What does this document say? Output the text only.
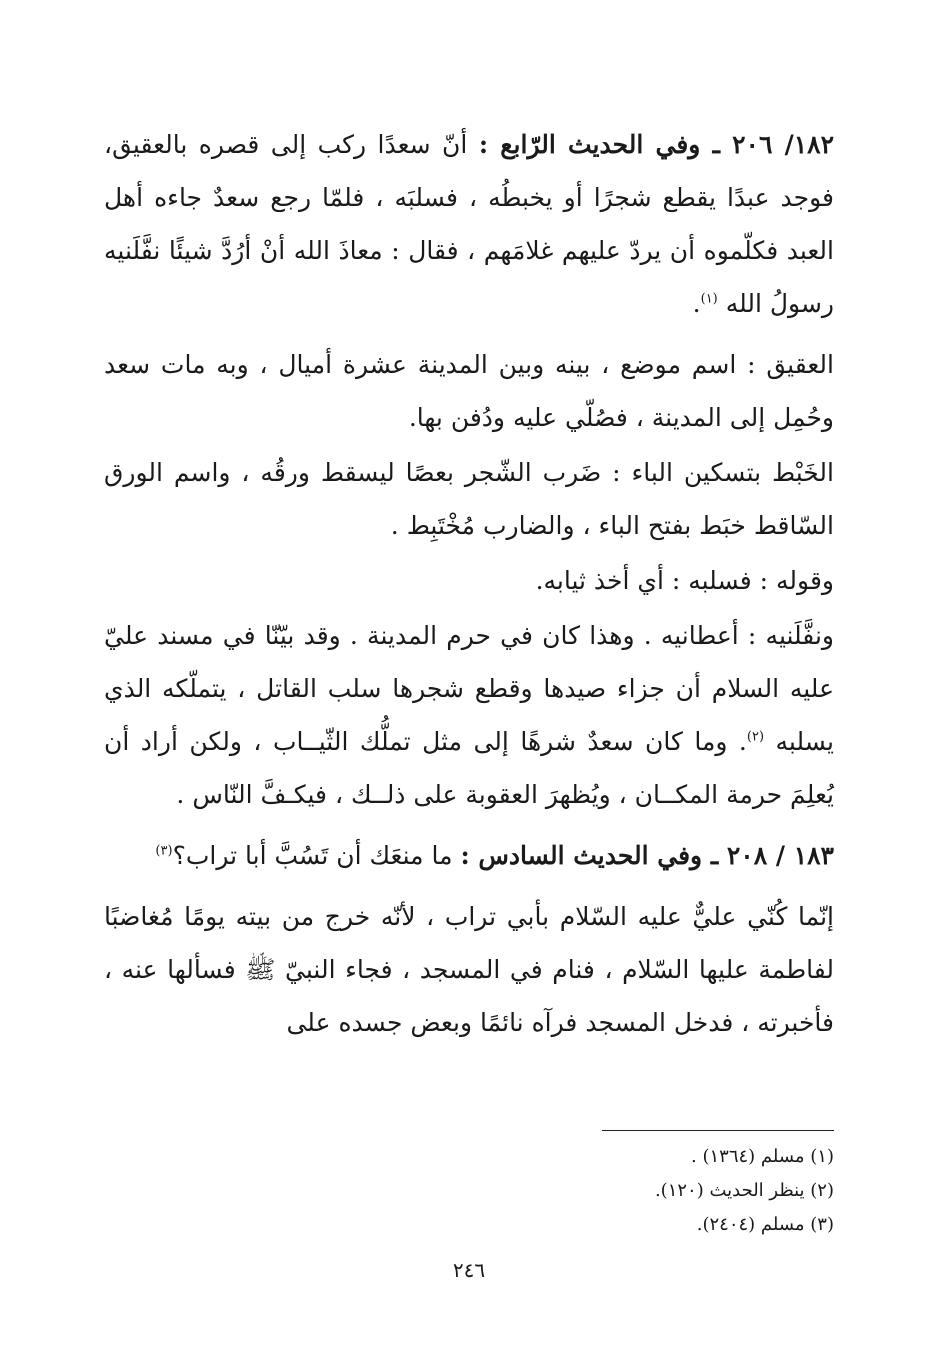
١٨٢/ ٢٠٦ ـ وفي الحديث الرّابع : أنّ سعدًا ركب إلى قصره بالعقيق، فوجد عبدًا يقطع شجرًا أو يخبطُه ، فسلبَه ، فلمّا رجع سعدٌ جاءه أهل العبد فكلّموه أن يردّ عليهم غلامَهم ، فقال : معاذَ الله أنْ أرُدَّ شيئًا نفَّلَنيه رسولُ الله $^{(١)}$.

العقيق : اسم موضع ، بينه وبين المدينة عشرة أميال ، وبه مات سعد وحُمِل إلى المدينة ، فصُلّي عليه ودُفن بها.

الخَبْط بتسكين الباء : ضَرب الشّجر بعصًا ليسقط ورقُه ، واسم الورق السّاقط خبَط بفتح الباء ، والضارب مُخْتَبِط .

وقوله : فسلبه : أي أخذ ثيابه.

ونفَّلَنيه : أعطانيه . وهذا كان في حرم المدينة . وقد بيّنّا في مسند عليّ عليه السلام أن جزاء صيدها وقطع شجرها سلب القاتل ، يتملّكه الذي يسلبه $^{(٢)}$. وما كان سعدٌ شرهًا إلى مثل تملُّك الثّيــاب ، ولكن أراد أن يُعلِمَ حرمة المكــان ، ويُظهرَ العقوبة على ذلــك ، فيكـفَّ النّاس .

١٨٣ / ٢٠٨ ـ وفي الحديث السادس : ما منعَك أن تَسُبَّ أبا تراب؟$^{(٣)}$

إنّما كُنّي عليٌّ عليه السّلام بأبي تراب ، لأنّه خرج من بيته يومًا مُغاضبًا لفاطمة عليها السّلام ، فنام في المسجد ، فجاء النبيّ ﷺ فسألها عنه ، فأخبرته ، فدخل المسجد فرآه نائمًا وبعض جسده على

(١) مسلم (١٣٦٤) .

(٢) ينظر الحديث (١٢٠).

(٣) مسلم (٢٤٠٤).

٢٤٦
